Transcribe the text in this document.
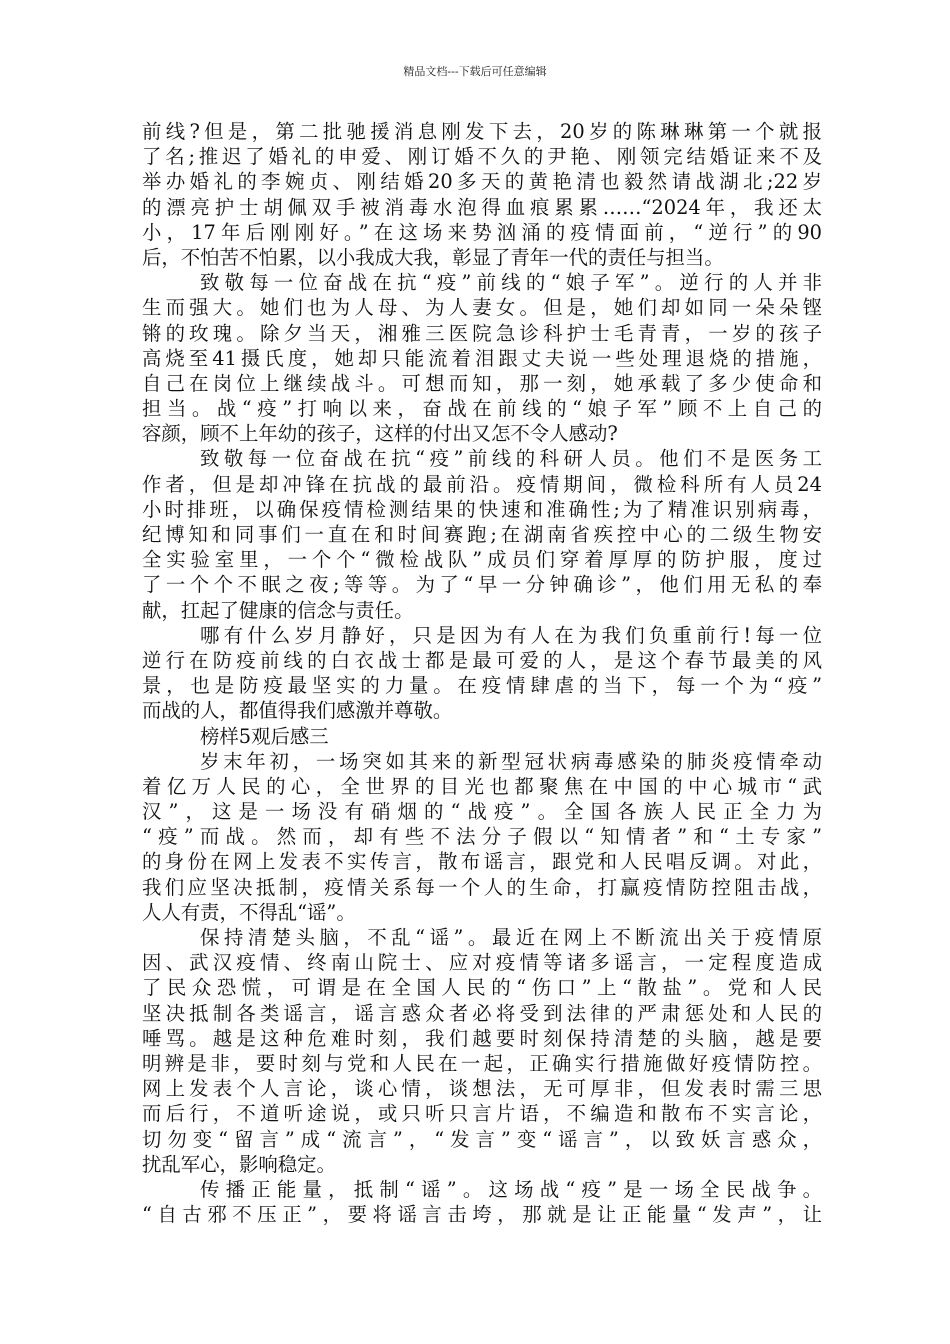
精品文档---下载后可任意编辑
前线?但是，第二批驰援消息刚发下去，20岁的陈琳琳第一个就报
了名;推迟了婚礼的申爱、刚订婚不久的尹艳、刚领完结婚证来不及
举办婚礼的李婉贞、刚结婚20多天的黄艳清也毅然请战湖北;22岁
的漂亮护士胡佩双手被消毒水泡得血痕累累……“2024年，我还太
小，17年后刚刚好。”在这场来势汹涌的疫情面前，“逆行”的90
后，不怕苦不怕累，以小我成大我，彰显了青年一代的责任与担当。
致敬每一位奋战在抗“疫”前线的“娘子军”。逆行的人并非
生而强大。她们也为人母、为人妻女。但是，她们却如同一朵朵铿
锵的玫瑰。除夕当天，湘雅三医院急诊科护士毛青青，一岁的孩子
高烧至41摄氏度，她却只能流着泪跟丈夫说一些处理退烧的措施，
自己在岗位上继续战斗。可想而知，那一刻，她承载了多少使命和
担当。战“疫”打响以来，奋战在前线的“娘子军”顾不上自己的
容颜，顾不上年幼的孩子，这样的付出又怎不令人感动?
致敬每一位奋战在抗“疫”前线的科研人员。他们不是医务工
作者，但是却冲锋在抗战的最前沿。疫情期间，微检科所有人员24
小时排班，以确保疫情检测结果的快速和准确性;为了精准识别病毒，
纪博知和同事们一直在和时间赛跑;在湖南省疾控中心的二级生物安
全实验室里，一个个“微检战队”成员们穿着厚厚的防护服，度过
了一个个不眠之夜;等等。为了“早一分钟确诊”，他们用无私的奉
献，扛起了健康的信念与责任。
哪有什么岁月静好，只是因为有人在为我们负重前行!每一位
逆行在防疫前线的白衣战士都是最可爱的人，是这个春节最美的风
景，也是防疫最坚实的力量。在疫情肆虐的当下，每一个为“疫”
而战的人，都值得我们感激并尊敬。
榜样5观后感三
岁末年初，一场突如其来的新型冠状病毒感染的肺炎疫情牵动
着亿万人民的心，全世界的目光也都聚焦在中国的中心城市“武
汉”，这是一场没有硝烟的“战疫”。全国各族人民正全力为
“疫”而战。然而，却有些不法分子假以“知情者”和“土专家”
的身份在网上发表不实传言，散布谣言，跟党和人民唱反调。对此，
我们应坚决抵制，疫情关系每一个人的生命，打赢疫情防控阻击战，
人人有责，不得乱“谣”。
保持清楚头脑，不乱“谣”。最近在网上不断流出关于疫情原
因、武汉疫情、终南山院士、应对疫情等诸多谣言，一定程度造成
了民众恐慌，可谓是在全国人民的“伤口”上“散盐”。党和人民
坚决抵制各类谣言，谣言惑众者必将受到法律的严肃惩处和人民的
唾骂。越是这种危难时刻，我们越要时刻保持清楚的头脑，越是要
明辨是非，要时刻与党和人民在一起，正确实行措施做好疫情防控。
网上发表个人言论，谈心情，谈想法，无可厚非，但发表时需三思
而后行，不道听途说，或只听只言片语，不编造和散布不实言论，
切勿变“留言”成“流言”，“发言”变“谣言”，以致妖言惑众，
扰乱军心，影响稳定。
传播正能量，抵制“谣”。这场战“疫”是一场全民战争。
“自古邪不压正”，要将谣言击垮，那就是让正能量“发声”，让
